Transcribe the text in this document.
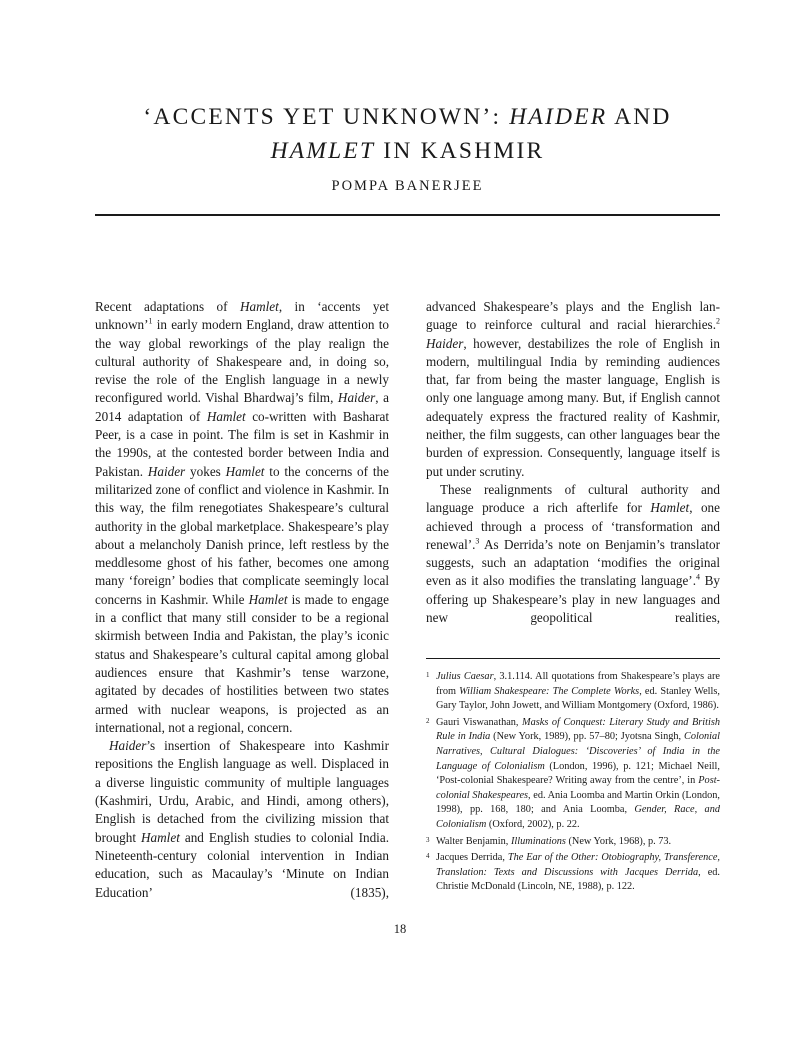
‘ACCENTS YET UNKNOWN’: HAIDER AND
HAMLET IN KASHMIR
POMPA BANERJEE

Recent adaptations of Hamlet, in ‘accents yet unknown’$^1$ in early modern England, draw attention to the way global reworkings of the play realign the cultural authority of Shakespeare and, in doing so, revise the role of the English language in a newly reconfigured world. Vishal Bhardwaj’s film, Haider, a 2014 adaptation of Hamlet co-written with Basharat Peer, is a case in point. The film is set in Kashmir in the 1990s, at the contested border between India and Pakistan. Haider yokes Hamlet to the concerns of the militarized zone of conflict and violence in Kashmir. In this way, the film renegotiates Shakespeare’s cultural authority in the global marketplace. Shakespeare’s play about a melancholy Danish prince, left restless by the meddlesome ghost of his father, becomes one among many ‘foreign’ bodies that complicate seemingly local concerns in Kashmir. While Hamlet is made to engage in a conflict that many still consider to be a regional skirmish between India and Pakistan, the play’s iconic status and Shakespeare’s cultural capital among global audiences ensure that Kashmir’s tense warzone, agitated by decades of hostilities between two states armed with nuclear weapons, is projected as an international, not a regional, concern.

Haider’s insertion of Shakespeare into Kashmir repositions the English language as well. Displaced in a diverse linguistic community of multiple languages (Kashmiri, Urdu, Arabic, and Hindi, among others), English is detached from the civilizing mission that brought Hamlet and English studies to colonial India. Nineteenth-century colonial intervention in Indian education, such as Macaulay’s ‘Minute on Indian Education’ (1835),

advanced Shakespeare’s plays and the English language to reinforce cultural and racial hierarchies.$^2$ Haider, however, destabilizes the role of English in modern, multilingual India by reminding audiences that, far from being the master language, English is only one language among many. But, if English cannot adequately express the fractured reality of Kashmir, neither, the film suggests, can other languages bear the burden of expression. Consequently, language itself is put under scrutiny.

These realignments of cultural authority and language produce a rich afterlife for Hamlet, one achieved through a process of ‘transformation and renewal’.$^3$ As Derrida’s note on Benjamin’s translator suggests, such an adaptation ‘modifies the original even as it also modifies the translating language’.$^4$ By offering up Shakespeare’s play in new languages and new geopolitical realities,

1 Julius Caesar, 3.1.114. All quotations from Shakespeare’s plays are from William Shakespeare: The Complete Works, ed. Stanley Wells, Gary Taylor, John Jowett, and William Montgomery (Oxford, 1986).
2 Gauri Viswanathan, Masks of Conquest: Literary Study and British Rule in India (New York, 1989), pp. 57–80; Jyotsna Singh, Colonial Narratives, Cultural Dialogues: ‘Discoveries’ of India in the Language of Colonialism (London, 1996), p. 121; Michael Neill, ‘Post-colonial Shakespeare? Writing away from the centre’, in Post-colonial Shakespeares, ed. Ania Loomba and Martin Orkin (London, 1998), pp. 168, 180; and Ania Loomba, Gender, Race, and Colonialism (Oxford, 2002), p. 22.
3 Walter Benjamin, Illuminations (New York, 1968), p. 73.
4 Jacques Derrida, The Ear of the Other: Otobiography, Transference, Translation: Texts and Discussions with Jacques Derrida, ed. Christie McDonald (Lincoln, NE, 1988), p. 122.
18
